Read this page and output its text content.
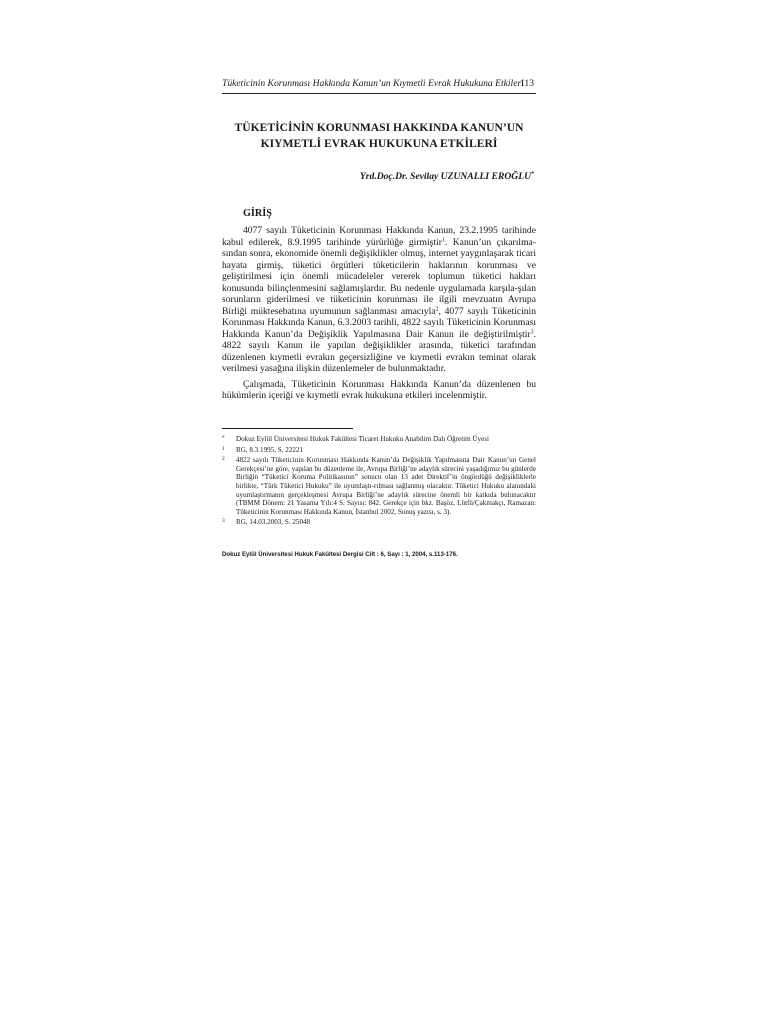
Tüketicinin Korunması Hakkında Kanun’un Kıymetli Evrak Hukukuna Etkileri
113
TÜKETİCİNİN KORUNMASI HAKKINDA KANUN’UN
KIYMETLİ EVRAK HUKUKUNA ETKİLERİ
Yrd.Doç.Dr. Sevilay UZUNALLI EROĞLU*
GİRİŞ

4077 sayılı Tüketicinin Korunması Hakkında Kanun, 23.2.1995 tarihinde kabul edilerek, 8.9.1995 tarihinde yürürlüğe girmiştir$^1$. Kanun’un çıkarılma-sından sonra, ekonomide önemli değişiklikler olmuş, internet yaygınlaşarak ticari hayata girmiş, tüketici örgütleri tüketicilerin haklarının korunması ve geliştirilmesi için önemli mücadeleler vererek toplumun tüketici hakları konusunda bilinçlenmesini sağlamışlardır. Bu nedenle uygulamada karşıla-şılan sorunların giderilmesi ve tüketicinin korunması ile ilgili mevzuatın Avrupa Birliği müktesebatına uyumunun sağlanması amacıyla$^2$, 4077 sayılı Tüketicinin Korunması Hakkında Kanun, 6.3.2003 tarihli, 4822 sayılı Tüketicinin Korunması Hakkında Kanun’da Değişiklik Yapılmasına Dair Kanun ile değiştirilmiştir$^3$. 4822 sayılı Kanun ile yapılan değişiklikler arasında, tüketici tarafından düzenlenen kıymetli evrakın geçersizliğine ve kıymetli evrakın teminat olarak verilmesi yasağına ilişkin düzenlemeler de bulunmaktadır.

Çalışmada, Tüketicinin Korunması Hakkında Kanun’da düzenlenen bu hükümlerin içeriği ve kıymetli evrak hukukuna etkileri incelenmiştir.

* Dokuz Eylül Üniversitesi Hukuk Fakültesi Ticaret Hukuku Anabilim Dalı Öğretim Üyesi
1 RG, 8.3.1995, S. 22221
2 4822 sayılı Tüketicinin Korunması Hakkında Kanun’da Değişiklik Yapılmasına Dair Kanun’un Genel Gerekçesi’ne göre, yapılan bu düzenleme ile, Avrupa Birliği’ne adaylık sürecini yaşadığımız bu günlerde Birliğin “Tüketici Koruma Politikasının” sonucu olan 13 adet Direktif’in öngördüğü değişikliklerle birlikte, “Türk Tüketici Hukuku” ile uyumlaştı-rılması sağlanmış olacaktır. Tüketici Hukuku alanındaki uyumlaştırmanın gerçekleşmesi Avrupa Birliği’ne adaylık sürecine önemli bir katkıda bulunacaktır (TBMM Dönem: 21 Yasama Yılı:4 S. Sayısı: 842. Gerekçe için bkz. Başöz, Lütfü/Çakmakçı, Ramazan: Tüketicinin Korunması Hakkında Kanun, İstanbul 2002, Sunuş yazısı, s. 3).
3 RG, 14.03.2003, S. 25048
Dokuz Eylül Üniversitesi Hukuk Fakültesi Dergisi Cilt : 6, Sayı : 1, 2004, s.113-176.
